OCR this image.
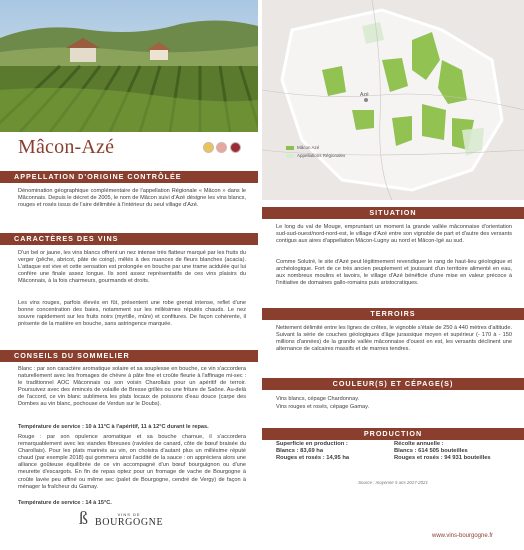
Mâcon-Azé

APPELLATION D'ORIGINE CONTRÔLÉE
Dénomination géographique complémentaire de l'appellation Régionale « Mâcon » dans le Mâconnais. Depuis le décret de 2005, le nom de Mâcon suivi d'Azé désigne les vins blancs, rouges et rosés issus de l'aire délimitée à l'intérieur du seul village d'Azé.
CARACTÈRES DES VINS
D'un bel or jaune, les vins blancs offrent un nez intense très flatteur marqué par les fruits du verger (pêche, abricot, pâte de coing), mêlés à des nuances de fleurs blanches (acacia). L'attaque est vive et cette sensation est prolongée en bouche par une trame acidulée qui lui confère une finale assez longue. Ils sont assez représentatifs de ces vins plaisirs du Mâconnais, à la fois charmeurs, gourmands et droits.
Les vins rouges, parfois élevés en fût, présentent une robe grenat intense, reflet d'une bonne concentration des baies, notamment sur les millésimes réputés chauds. Le nez souvre rapidement sur les fruits noirs (myrtille, mûre) et confitures. De façon cohérente, il présente de la matière en bouche, sans astringence marquée.
CONSEILS DU SOMMELIER
Blanc : par son caractère aromatique solaire et sa souplesse en bouche, ce vin s'accordera naturellement avec les fromages de chèvre à pâte fine et croûte fleurie à l'affinage mi-sec : le traditionnel AOC Mâconnais ou son voisin Charollais pour un apéritif de terroir. Poursuivez avec des émincés de volaille de Bresse grillés ou une friture de Saône. Au-delà de l'accord, ce vin blanc sublimera les plats locaux de poissons d'eau douce (carpe des Dombes au vin blanc, pochouse de Verdun sur le Doubs).
Température de service : 10 à 11°C à l'apéritif, 11 à 12°C durant le repas.
Rouge : par son opulence aromatique et sa bouche charnue, il s'accordera remarquablement avec les viandes fibreuses (ravioles de canard, côte de bœuf braisée du Charollais). Pour les plats marinés au vin, on choisira d'autant plus un millésime réputé chaud (par exemple 2018) qui gommera ainsi l'acidité de la sauce : on appréciera alors une alliance goûteuse équilibrée de ce vin accompagné d'un bœuf bourguignon ou d'une meurette d'escargots. En fin de repas optez pour un fromage de vache de Bourgogne à croûte lavée peu affiné ou même sec (palet de Bourgogne, cendré de Vergy) de façon à ménager la fraîcheur du Gamay.
Température de service : 14 à 15°C.
ß	VINS DE
BOURGOGNE
Azé
Mâcon Azé
Appellations Régionales
SITUATION
Le long du val de Mouge, empruntant un moment la grande vallée mâconnaise d'orientation sud-sud-ouest/nord-nord-est, le village d'Azé entre son vignoble de part et d'autre des versants contigus aux aires d'appellation Mâcon-Lugny au nord et Mâcon-Igé au sud.
Comme Solutré, le site d'Azé peut légitimement revendiquer le rang de haut-lieu géologique et archéologique. Fort de ce très ancien peuplement et jouissant d'un territoire alimenté en eau, aux nombreux moulins et lavoirs, le village d'Azé bénéficie d'une mise en valeur précoce à l'initiative de domaines gallo-romains puis aristocratiques.
TERROIRS
Nettement délimité entre les lignes de crêtes, le vignoble s'étale de 250 à 440 mètres d'altitude. Suivant la série de couches géologiques d'âge jurassique moyen et supérieur (- 170 à - 150 millions d'années) de la grande vallée mâconnaise d'ouest en est, les versants déclinent une alternance de calcaires massifs et de marnes tendres.
COULEUR(S) ET CÉPAGE(S)
Vins blancs, cépage Chardonnay.
Vins rouges et rosés, cépage Gamay.
PRODUCTION
Superficie en production :
Blancs : 83,69 ha
Rouges et rosés : 14,95 ha
Récolte annuelle :
Blancs : 614 505 bouteilles
Rouges et rosés : 94 931 bouteilles
Source : moyenne 5 ans 2017-2021
www.vins-bourgogne.fr
